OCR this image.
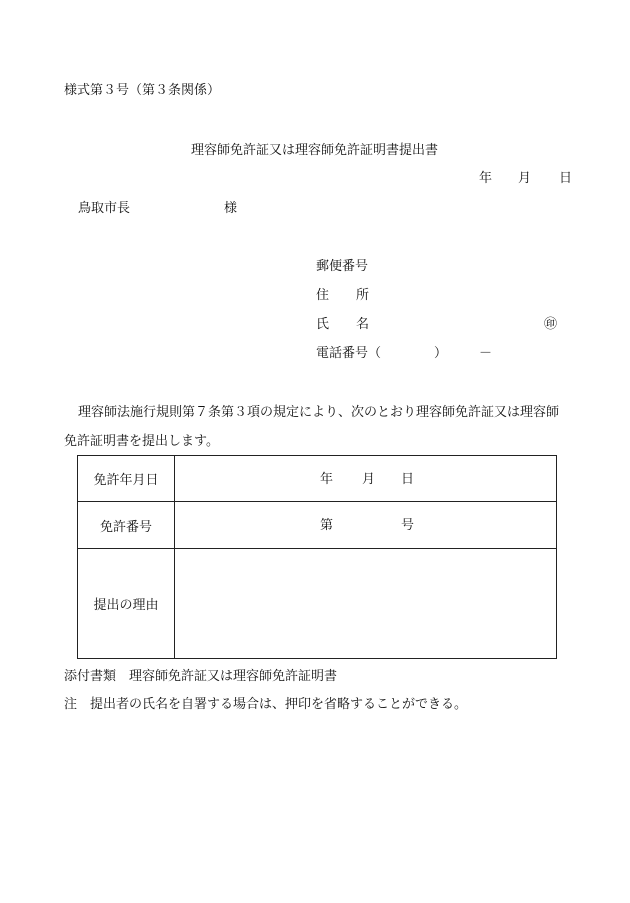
様式第３号（第３条関係）
理容師免許証又は理容師免許証明書提出書
年 月 日
鳥取市長	様
郵便番号
住 所
氏 名	㊞
電話番号（	） －
理容師法施行規則第７条第３項の規定により、次のとおり理容師免許証又は理容師
免許証明書を提出します。
免許年月日	年 月 日
免許番号	第	号
提出の理由
添付書類　理容師免許証又は理容師免許証明書
注　提出者の氏名を自署する場合は、押印を省略することができる。
